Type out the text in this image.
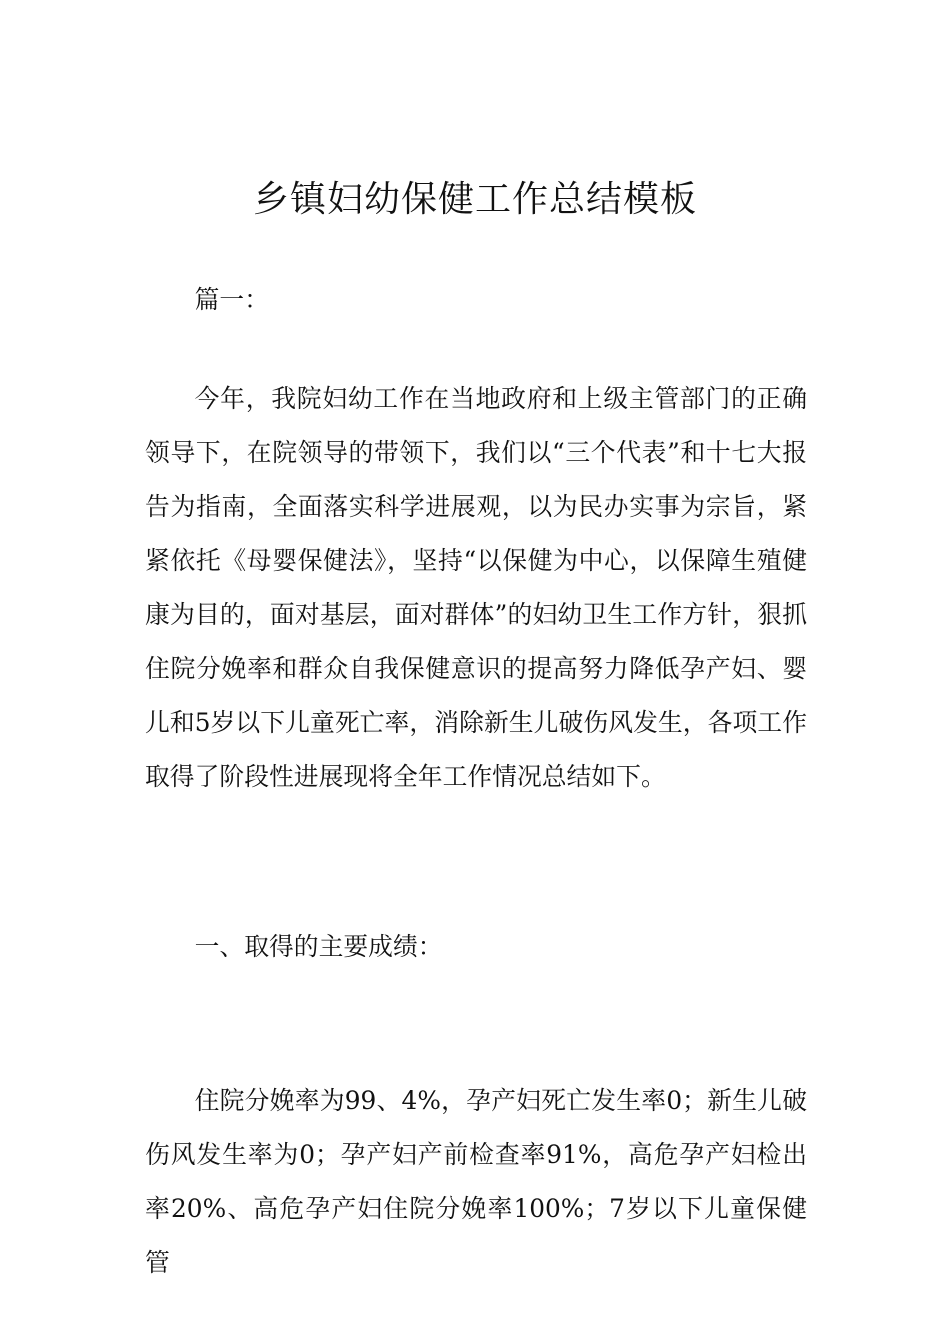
乡镇妇幼保健工作总结模板

篇一：

今年，我院妇幼工作在当地政府和上级主管部门的正确领导下，在院领导的带领下，我们以“三个代表”和十七大报告为指南，全面落实科学进展观，以为民办实事为宗旨，紧紧依托《母婴保健法》，坚持“以保健为中心，以保障生殖健康为目的，面对基层，面对群体”的妇幼卫生工作方针，狠抓住院分娩率和群众自我保健意识的提高努力降低孕产妇、婴儿和5岁以下儿童死亡率，消除新生儿破伤风发生，各项工作取得了阶段性进展现将全年工作情况总结如下。

一、取得的主要成绩：

住院分娩率为99、4%，孕产妇死亡发生率0；新生儿破伤风发生率为0；孕产妇产前检查率91%，高危孕产妇检出率20%、高危孕产妇住院分娩率100%；7岁以下儿童保健管
